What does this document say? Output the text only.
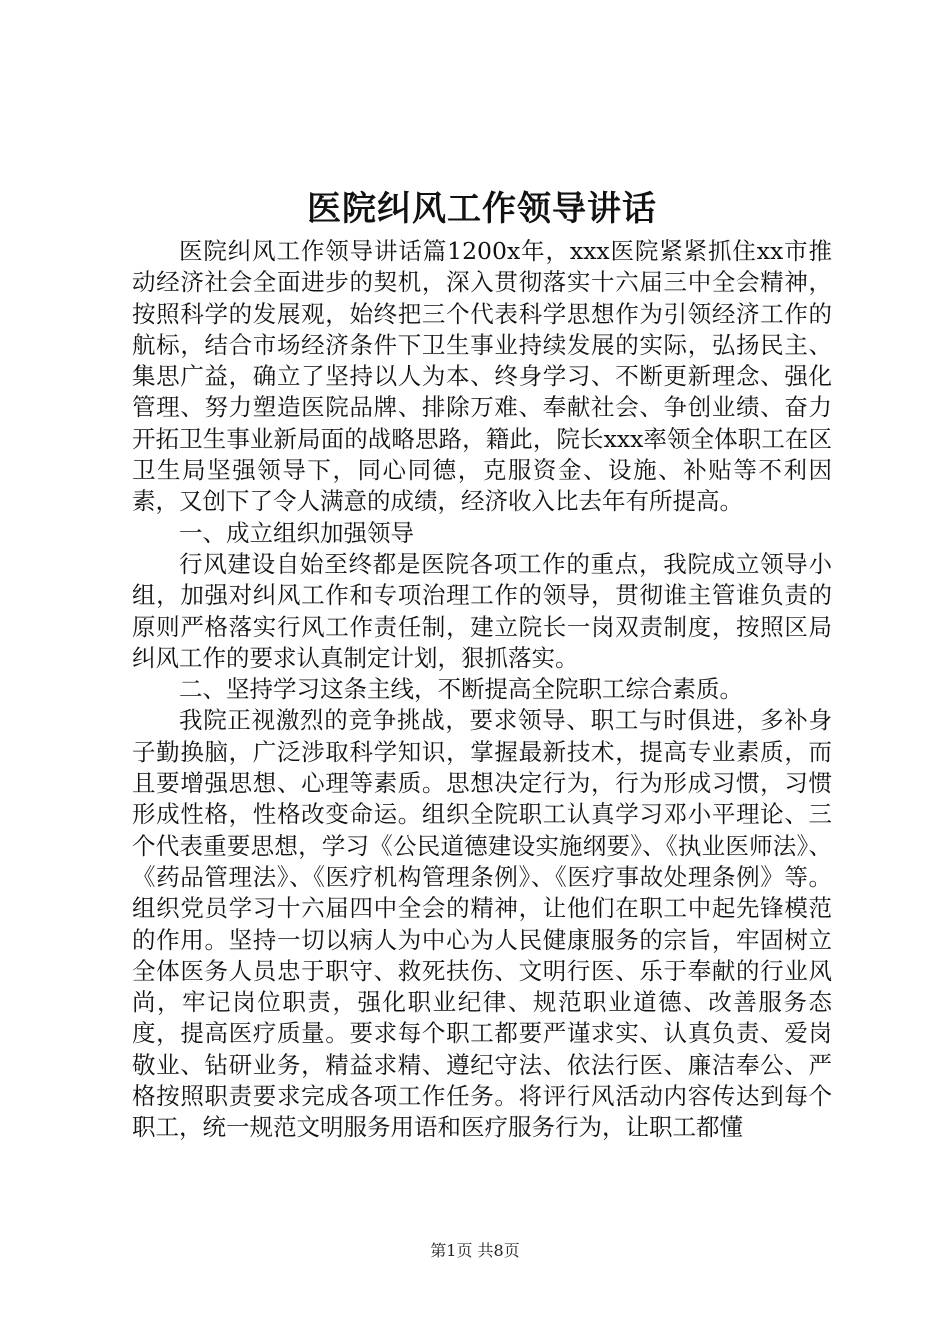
医院纠风工作领导讲话

医院纠风工作领导讲话篇1200x年，xxx医院紧紧抓住xx市推动经济社会全面进步的契机，深入贯彻落实十六届三中全会精神，按照科学的发展观，始终把三个代表科学思想作为引领经济工作的航标，结合市场经济条件下卫生事业持续发展的实际，弘扬民主、集思广益，确立了坚持以人为本、终身学习、不断更新理念、强化管理、努力塑造医院品牌、排除万难、奉献社会、争创业绩、奋力开拓卫生事业新局面的战略思路，籍此，院长xxx率领全体职工在区卫生局坚强领导下，同心同德，克服资金、设施、补贴等不利因素，又创下了令人满意的成绩，经济收入比去年有所提高。

一、成立组织加强领导

行风建设自始至终都是医院各项工作的重点，我院成立领导小组，加强对纠风工作和专项治理工作的领导，贯彻谁主管谁负责的原则严格落实行风工作责任制，建立院长一岗双责制度，按照区局纠风工作的要求认真制定计划，狠抓落实。

二、坚持学习这条主线，不断提高全院职工综合素质。

我院正视激烈的竞争挑战，要求领导、职工与时俱进，多补身子勤换脑，广泛涉取科学知识，掌握最新技术，提高专业素质，而且要增强思想、心理等素质。思想决定行为，行为形成习惯，习惯形成性格，性格改变命运。组织全院职工认真学习邓小平理论、三个代表重要思想，学习《公民道德建设实施纲要》、《执业医师法》、《药品管理法》、《医疗机构管理条例》、《医疗事故处理条例》等。组织党员学习十六届四中全会的精神，让他们在职工中起先锋模范的作用。坚持一切以病人为中心为人民健康服务的宗旨，牢固树立全体医务人员忠于职守、救死扶伤、文明行医、乐于奉献的行业风尚，牢记岗位职责，强化职业纪律、规范职业道德、改善服务态度，提高医疗质量。要求每个职工都要严谨求实、认真负责、爱岗敬业、钻研业务，精益求精、遵纪守法、依法行医、廉洁奉公、严格按照职责要求完成各项工作任务。将评行风活动内容传达到每个职工，统一规范文明服务用语和医疗服务行为，让职工都懂

第1页 共8页
